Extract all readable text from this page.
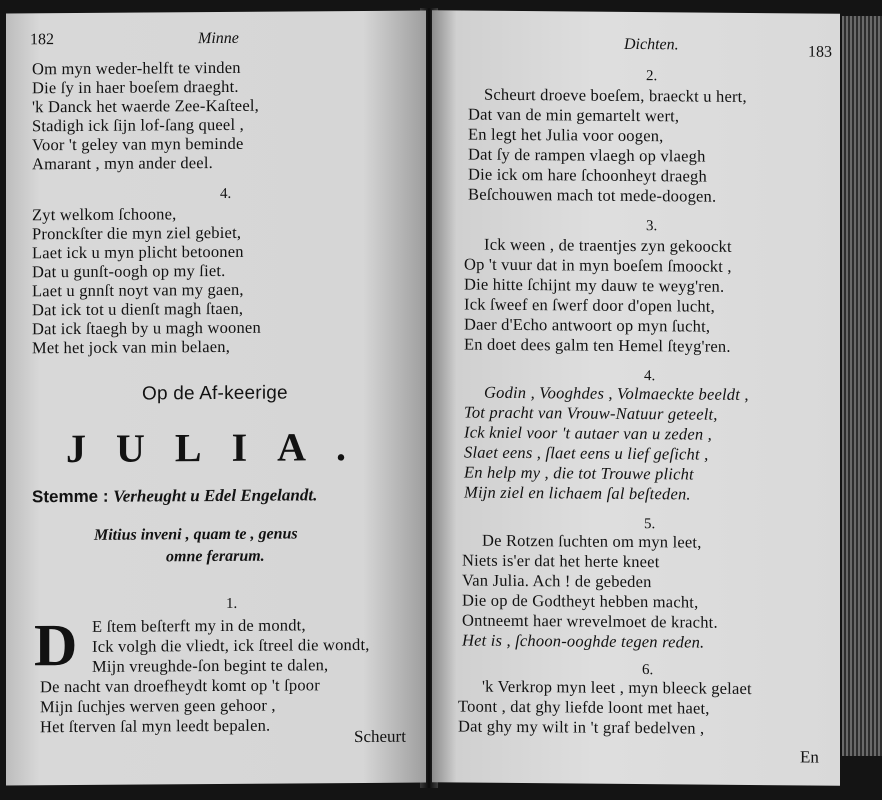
182	Minne
Om myn weder-helft te vinden
Die ſy in haer boeſem draeght.
'k Danck het waerde Zee-Kaſteel,
Stadigh ick ſijn lof-ſang queel ,
Voor 't geley van myn beminde
Amarant , myn ander deel.
4.
Zyt welkom ſchoone,
Pronckſter die myn ziel gebiet,
Laet ick u myn plicht betoonen
Dat u gunſt-oogh op my ſiet.
Laet u gnnſt noyt van my gaen,
Dat ick tot u dienſt magh ſtaen,
Dat ick ſtaegh by u magh woonen
Met het jock van min belaen,
Op de Af-keerige
JULIA.
Stemme : Verheught u Edel Engelandt.
Mitius inveni , quam te , genus
omne ferarum.
1.
D E ſtem beſterft my in de mondt,
Ick volgh die vliedt, ick ſtreel die wondt,
Mijn vreughde-ſon begint te dalen,
De nacht van droefheydt komt op 't ſpoor
Mijn ſuchjes werven geen gehoor ,
Het ſterven ſal myn leedt bepalen.
Scheurt
Dichten.	183
2.
Scheurt droeve boeſem, braeckt u hert,
Dat van de min gemartelt wert,
En legt het Julia voor oogen,
Dat ſy de rampen vlaegh op vlaegh
Die ick om hare ſchoonheyt draegh
Beſchouwen mach tot mede-doogen.
3.
Ick ween , de traentjes zyn gekoockt
Op 't vuur dat in myn boeſem ſmoockt ,
Die hitte ſchijnt my dauw te weyg'ren.
Ick ſweef en ſwerf door d'open lucht,
Daer d'Echo antwoort op myn ſucht,
En doet dees galm ten Hemel ſteyg'ren.
4.
Godin , Vooghdes , Volmaeckte beeldt ,
Tot pracht van Vrouw-Natuur geteelt,
Ick kniel voor 't autaer van u zeden ,
Slaet eens , ſlaet eens u lief geſicht ,
En help my , die tot Trouwe plicht
Mijn ziel en lichaem ſal beſteden.
5.
De Rotzen ſuchten om myn leet,
Niets is'er dat het herte kneet
Van Julia. Ach ! de gebeden
Die op de Godtheyt hebben macht,
Ontneemt haer wrevelmoet de kracht.
Het is , ſchoon-ooghde tegen reden.
6.
'k Verkrop myn leet , myn bleeck gelaet
Toont , dat ghy liefde loont met haet,
Dat ghy my wilt in 't graf bedelven ,
En
